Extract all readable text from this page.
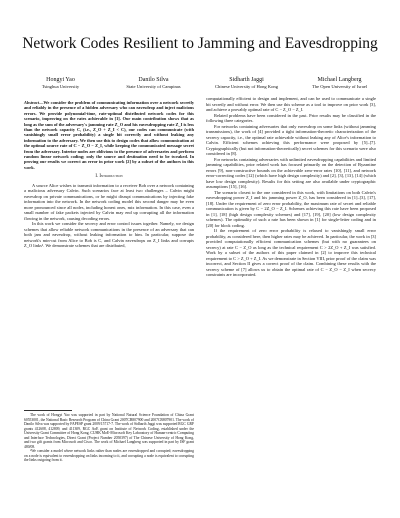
Network Codes Resilient to Jamming and Eavesdropping
Hongyi Yao
Tsinghua University
Danilo Silva
State University of Campinas
Sidharth Jaggi
Chinese University of Hong Kong
Michael Langberg
The Open University of Israel

Abstract—We consider the problem of communicating information over a network secretly and reliably in the presence of a hidden adversary who can eavesdrop and inject malicious errors. We provide polynomial-time, rate-optimal distributed network codes for this scenario, improving on the rates achievable in [1]. Our main contribution shows that as long as the sum of the adversary's jamming rate Z_O and his eavesdropping rate Z_I is less than the network capacity C, (i.e., Z_O + Z_I < C), our codes can communicate (with vanishingly small error probability) a single bit correctly and without leaking any information to the adversary. We then use this to design codes that allow communication at the optimal source rate of C − Z_O − Z_I, while keeping the communicated message secret from the adversary. Interior nodes are oblivious to the presence of adversaries and perform random linear network coding; only the source and destination need to be tweaked. In proving our results we correct an error in prior work [2] by a subset of the authors in this work.

I. Introduction

A source Alice wishes to transmit information to a receiver Bob over a network containing a malicious adversary Calvin. Such scenarios face at least two challenges – Calvin might eavesdrop on private communications, or he might disrupt communications by injecting fake information into the network. In the network coding model this second danger may be even more pronounced since all nodes, including honest ones, mix information. In this case, even a small number of fake packets injected by Calvin may end up corrupting all the information flowing in the network, causing decoding errors.

In this work we consider the secrecy and error control issues together. Namely, we design schemes that allow reliable network communications in the presence of an adversary that can both jam and eavesdrop, without leaking information to him. In particular, suppose the network's min-cut from Alice to Bob is C, and Calvin eavesdrops on Z_I links and corrupts Z_O links¹. We demonstrate schemes that are distributed,

The work of Hongyi Yao was supported in part by National Natural Science Foundation of China Grant 60553001, the National Basic Research Program of China Grant 2007CB807900 and 2007CB807901. The work of Danilo Silva was supported by FAPESP grant 2009/15717-7. The work of Sidharth Jaggi was supported RGC GRF grants 412608, 412809, and 411309, RGC AoE grant on Institute of Network Coding, established under the University Grant Committee of Hong Kong, CUHK MoE-Microsoft Key Laboratory of Human-centric Computing and Interface Technologies, Direct Grant (Project Number 2050397) of The Chinese University of Hong Kong, and two gift grants from Microsoft and Cisco. The work of Michael Langberg was supported in part by ISF grant 480/08.

¹We consider a model where network links rather than nodes are eavesdropped and corrupted; eavesdropping on a node is equivalent to eavesdropping on links incoming to it, and corrupting a node is equivalent to corrupting the links outgoing from it.

computationally efficient to design and implement, and can be used to communicate a single bit secretly and without error. We then use this scheme as a tool to improve on prior work [3], and achieve a provably optimal rate of C − Z_O − Z_I.

Related problems have been considered in the past. Prior results may be classified in the following three categories.

For networks containing adversaries that only eavesdrop on some links (without jamming transmissions), the work of [4] provided a tight information-theoretic characterization of the secrecy capacity, i.e., the optimal rate achievable without leaking any of Alice's information to Calvin. Efficient schemes achieving this performance were proposed by [5]–[7]. Cryptographically (but not information-theoretically) secret schemes for this scenario were also considered in [8].

For networks containing adversaries with unlimited eavesdropping capabilities and limited jamming capabilities, prior related work has focused primarily on the detection of Byzantine errors [9], non-constructive bounds on the achievable zero-error rates [10], [11], and network error-correcting codes [12] (which have high design complexity) and [2], [3], [13], [14] (which have low design complexity). Results for this setting are also available under cryptographic assumptions [15], [16].

The scenario closest to the one considered in this work, with limitations on both Calvin's eavesdropping power Z_I and his jamming power Z_O, has been considered in [1]–[3], [17], [18]. Under the requirement of zero error probability, the maximum rate of secret and reliable communication is given by C − 2Z_O − Z_I. Schemes achieving this rate have been proposed in [1], [18] (high design complexity schemes) and [17], [19], [20] (low design complexity schemes). The optimality of such a rate has been shown in [1] for single-letter coding and in [20] for block coding.

If the requirement of zero error probability is relaxed to vanishingly small error probability, as considered here, then higher rates may be achieved. In particular, the work in [3] provided computationally efficient communication schemes (but with no guarantees on secrecy) at rate C − Z_O as long as the technical requirement C > 2Z_O + Z_I was satisfied. Work by a subset of the authors of this paper claimed in [2] to improve this technical requirement to C > Z_O + Z_I. As we demonstrate in Section VIII, prior proof of the claim was incorrect, and Section II gives a correct proof of the claim. Combining these results with the secrecy scheme of [7] allows us to obtain the optimal rate of C − Z_O − Z_I when secrecy constraints are incorporated.
